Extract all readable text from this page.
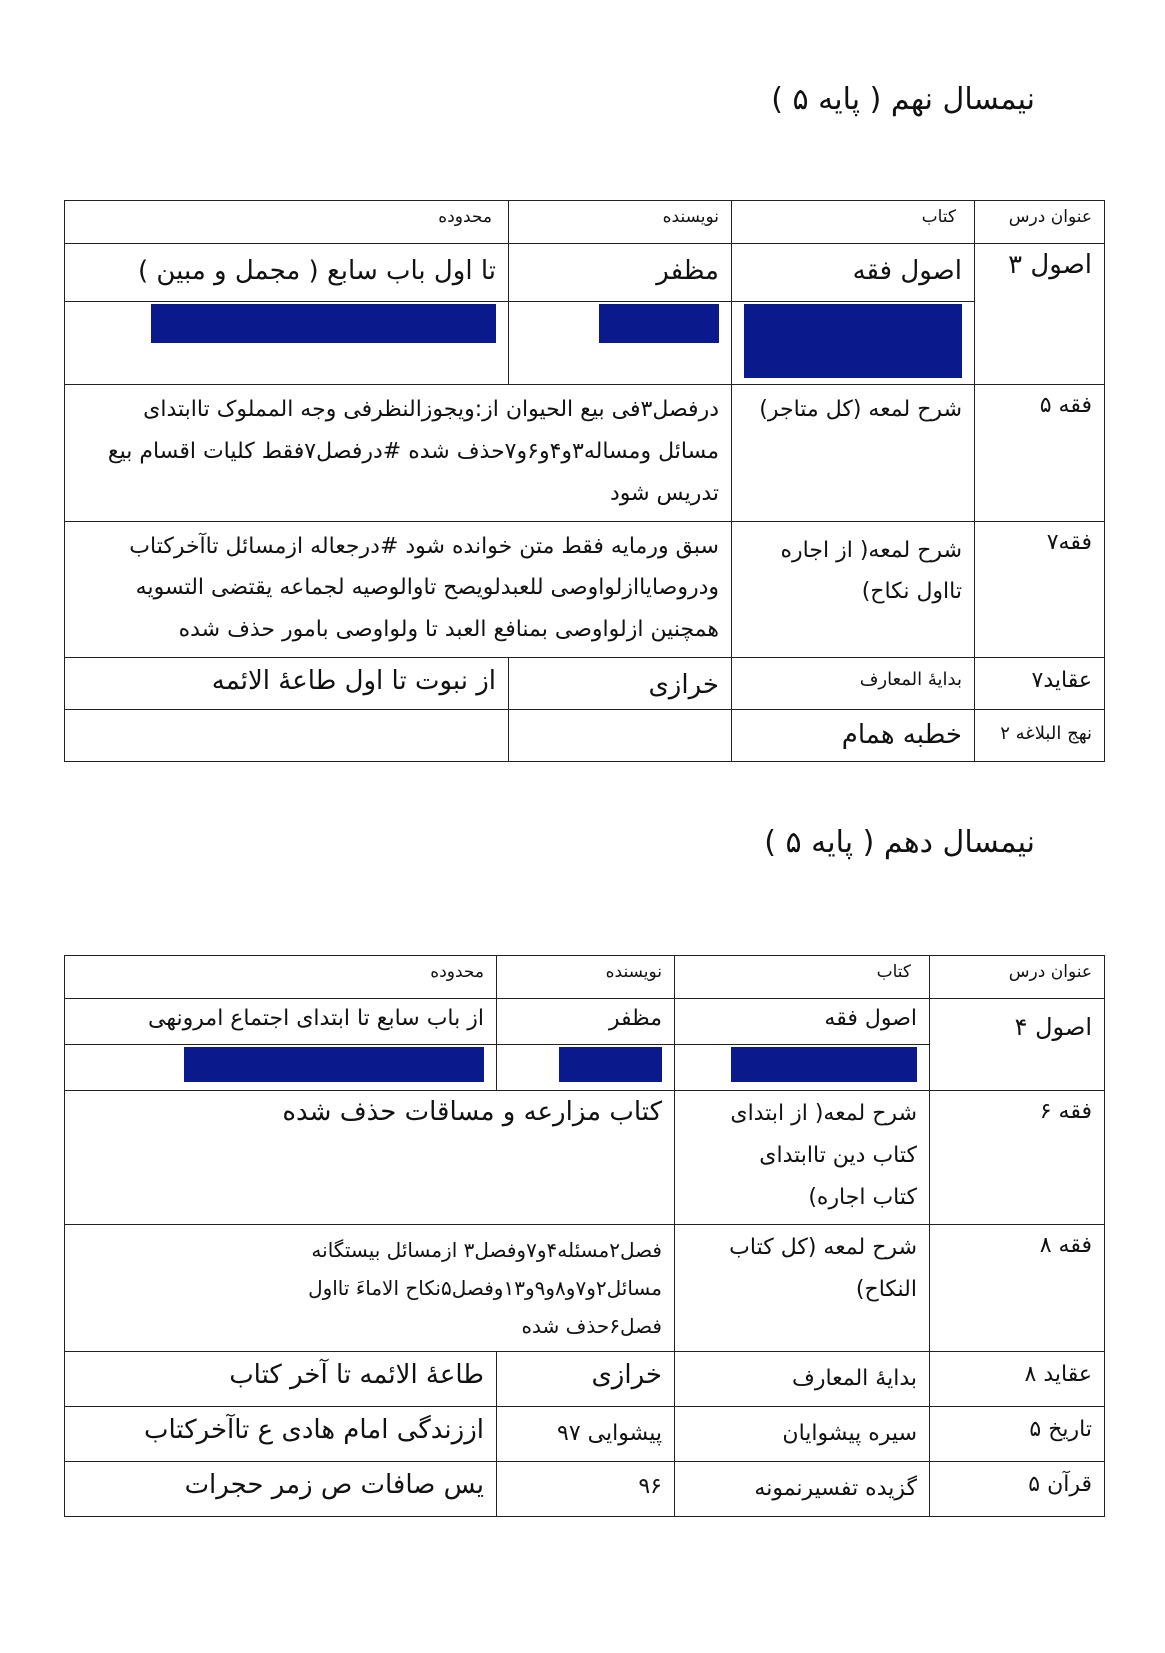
نیمسال نهم ( پایه ۵ )
عنوان درس	کتاب	نویسنده	محدوده
اصول ۳	اصول فقه	مظفر	تا اول باب سابع ( مجمل و مبین )
	دروس (حلقه ثالثه )	شهید صدر	از ابتدای کتاب تا اول امر و نهی
فقه ۵	شرح لمعه (کل متاجر)	درفصل۳فی بیع الحیوان از:ویجوزالنظرفی وجه المملوک تاابتدای مسائل ومساله۳و۴و۶و۷حذف شده #درفصل۷فقط کلیات اقسام بیع تدریس شود	
فقه۷	شرح لمعه( از اجاره تااول نکاح)	سبق ورمایه فقط متن خوانده شود #درجعاله ازمسائل تاآخرکتاب ودروصایاازلواوصی للعبدلویصح تاوالوصیه لجماعه یقتضی التسویه همچنین ازلواوصی بمنافع العبد تا ولواوصی بامور حذف شده	
عقاید۷	بدایهٔ المعارف	خرازی	از نبوت تا اول طاعهٔ الائمه
نهج البلاغه ۲	خطبه همام		
نیمسال دهم ( پایه ۵ )
عنوان درس	کتاب	نویسنده	محدوده
اصول ۴	اصول فقه	مظفر	از باب سابع تا ابتدای اجتماع امرونهی
	دروس (حلقه ثالثه )	شهید صدر	اول امرونهی تاابتدای دلیل عقلی
فقه ۶	شرح لمعه( از ابتدای کتاب دین تاابتدای کتاب اجاره)	کتاب مزارعه و مساقات حذف شده	
فقه ۸	شرح لمعه (کل کتاب النکاح)	فصل۲مسئله۴و۷وفصل۳ ازمسائل بیستگانه مسائل۲و۷و۸و۹و۱۳وفصل۵نکاح الاماءَ تااول فصل۶حذف شده	
عقاید ۸	بدایهٔ المعارف	خرازی	طاعهٔ الائمه تا آخر کتاب
تاریخ ۵	سیره پیشوایان	پیشوایی ۹۷	اززندگی امام هادی ع تاآخرکتاب
قرآن ۵	گزیده تفسیرنمونه	۹۶	یس صافات ص زمر حجرات
